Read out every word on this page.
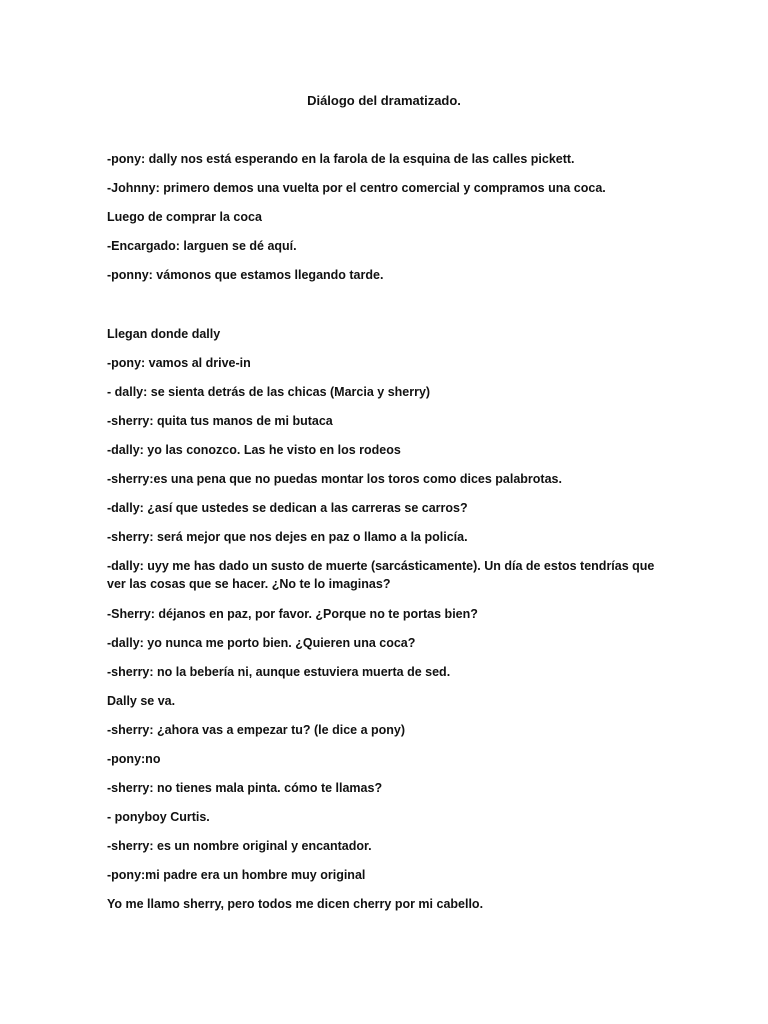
Diálogo del dramatizado.
-pony: dally nos está esperando en la farola de la esquina de las calles pickett.
-Johnny: primero demos una vuelta por el centro comercial y compramos una coca.
Luego de comprar la coca
-Encargado: larguen se dé aquí.
-ponny: vámonos que estamos llegando tarde.
Llegan donde dally
-pony: vamos al drive-in
- dally: se sienta detrás de las chicas (Marcia y sherry)
-sherry: quita tus manos de mi butaca
-dally: yo las conozco. Las he visto en los rodeos
-sherry:es una pena que no puedas montar los toros como dices palabrotas.
-dally: ¿así que ustedes se dedican a las carreras se carros?
-sherry: será mejor que nos dejes en paz o llamo a la policía.
-dally: uyy me has dado un susto de muerte (sarcásticamente). Un día de estos tendrías que ver las cosas que se hacer. ¿No te lo imaginas?
-Sherry: déjanos en paz, por favor. ¿Porque no te portas bien?
-dally: yo nunca me porto bien. ¿Quieren una coca?
-sherry: no la bebería ni, aunque estuviera muerta de sed.
Dally se va.
-sherry: ¿ahora vas a empezar tu? (le dice a pony)
-pony:no
-sherry: no tienes mala pinta. cómo te llamas?
- ponyboy Curtis.
-sherry: es un nombre original y encantador.
-pony:mi padre era un hombre muy original
Yo me llamo sherry, pero todos me dicen cherry por mi cabello.
